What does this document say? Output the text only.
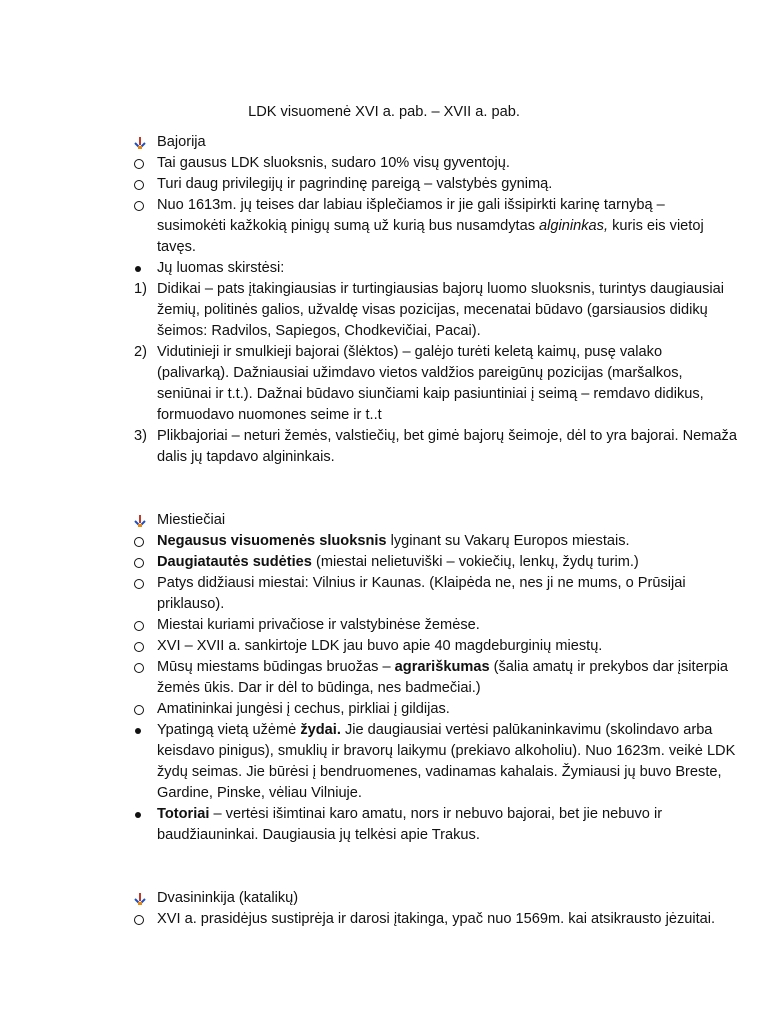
LDK visuomenė XVI a. pab. – XVII a. pab.
Bajorija
Tai gausus LDK sluoksnis, sudaro 10% visų gyventojų.
Turi daug privilegijų ir pagrindinę pareigą – valstybės gynimą.
Nuo 1613m. jų teises dar labiau išplečiamos ir jie gali išsipirkti karinę tarnybą – susimokėti kažkokią pinigų sumą už kurią bus nusamdytas algininkas, kuris eis vietoj tavęs.
Jų luomas skirstėsi:
1) Didikai – pats įtakingiausias ir turtingiausias bajorų luomo sluoksnis, turintys daugiausiai žemių, politinės galios, užvaldę visas pozicijas, mecenatai būdavo (garsiausios didikų šeimos: Radvilos, Sapiegos, Chodkevičiai, Pacai).
2) Vidutinieji ir smulkieji bajorai (šlėktos) – galėjo turėti keletą kaimų, pusę valako (palivarką). Dažniausiai užimdavo vietos valdžios pareigūnų pozicijas (maršalkos, seniūnai ir t.t.). Dažnai būdavo siunčiami kaip pasiuntiniai į seimą – remdavo didikus, formuodavo nuomones seime ir t..t
3) Plikbajoriai – neturi žemės, valstiečių, bet gimė bajorų šeimoje, dėl to yra bajorai. Nemaža dalis jų tapdavo algininkais.
Miestiečiai
Negausus visuomenės sluoksnis lyginant su Vakarų Europos miestais.
Daugiatautės sudėties (miestai nelietuviški – vokiečių, lenkų, žydų turim.)
Patys didžiausi miestai: Vilnius ir Kaunas. (Klaipėda ne, nes ji ne mums, o Prūsijai priklauso).
Miestai kuriami privačiose ir valstybinėse žemėse.
XVI – XVII a. sankirtoje LDK jau buvo apie 40 magdeburginių miestų.
Mūsų miestams būdingas bruožas – agrariškumas (šalia amatų ir prekybos dar įsiterpia žemės ūkis. Dar ir dėl to būdinga, nes badmečiai.)
Amatininkai jungėsi į cechus, pirkliai į gildijas.
Ypatingą vietą užėmė žydai. Jie daugiausiai vertėsi palūkaninkavimu (skolindavo arba keisdavo pinigus), smuklių ir bravorų laikymu (prekiavo alkoholiu). Nuo 1623m. veikė LDK žydų seimas. Jie būrėsi į bendruomenes, vadinamas kahalais. Žymiausi jų buvo Breste, Gardine, Pinske, vėliau Vilniuje.
Totoriai – vertėsi išimtinai karo amatu, nors ir nebuvo bajorai, bet jie nebuvo ir baudžiauninkai. Daugiausia jų telkėsi apie Trakus.
Dvasininkija (katalikų)
XVI a. prasidėjus sustiprėja ir darosi įtakinga, ypač nuo 1569m. kai atsikrausto jėzuitai.
